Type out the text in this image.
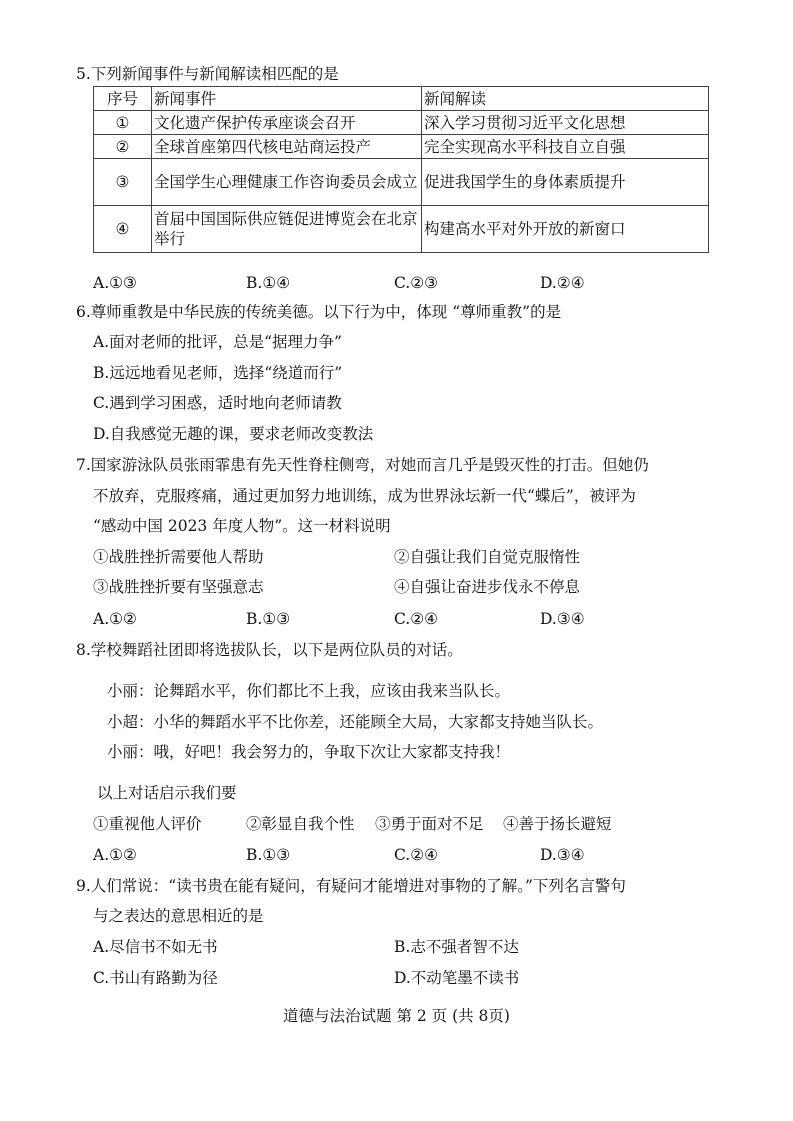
5.下列新闻事件与新闻解读相匹配的是
序号	新闻事件	新闻解读
①	文化遗产保护传承座谈会召开	深入学习贯彻习近平文化思想
②	全球首座第四代核电站商运投产	完全实现高水平科技自立自强
③	全国学生心理健康工作咨询委员会成立	促进我国学生的身体素质提升
④	首届中国国际供应链促进博览会在北京举行	构建高水平对外开放的新窗口
A.①③	B.①④	C.②③	D.②④
6.尊师重教是中华民族的传统美德。以下行为中，体现 “尊师重教”的是
A.面对老师的批评，总是“据理力争”
B.远远地看见老师，选择“绕道而行”
C.遇到学习困惑，适时地向老师请教
D.自我感觉无趣的课，要求老师改变教法
7.国家游泳队员张雨霏患有先天性脊柱侧弯，对她而言几乎是毁灭性的打击。但她仍
不放弃，克服疼痛，通过更加努力地训练，成为世界泳坛新一代“蝶后”，被评为
“感动中国 2023 年度人物”。这一材料说明
①战胜挫折需要他人帮助	②自强让我们自觉克服惰性
③战胜挫折要有坚强意志	④自强让奋进步伐永不停息
A.①②	B.①③	C.②④	D.③④
8.学校舞蹈社团即将选拔队长，以下是两位队员的对话。
小丽：论舞蹈水平，你们都比不上我，应该由我来当队长。
小超：小华的舞蹈水平不比你差，还能顾全大局，大家都支持她当队长。
小丽：哦，好吧！我会努力的，争取下次让大家都支持我！
以上对话启示我们要
①重视他人评价	②彰显自我个性 ③勇于面对不足 ④善于扬长避短
A.①②	B.①③	C.②④	D.③④
9.人们常说：“读书贵在能有疑问，有疑问才能增进对事物的了解。”下列名言警句
与之表达的意思相近的是
A.尽信书不如无书	B.志不强者智不达
C.书山有路勤为径	D.不动笔墨不读书
道德与法治试题 第 2 页 (共 8页)
